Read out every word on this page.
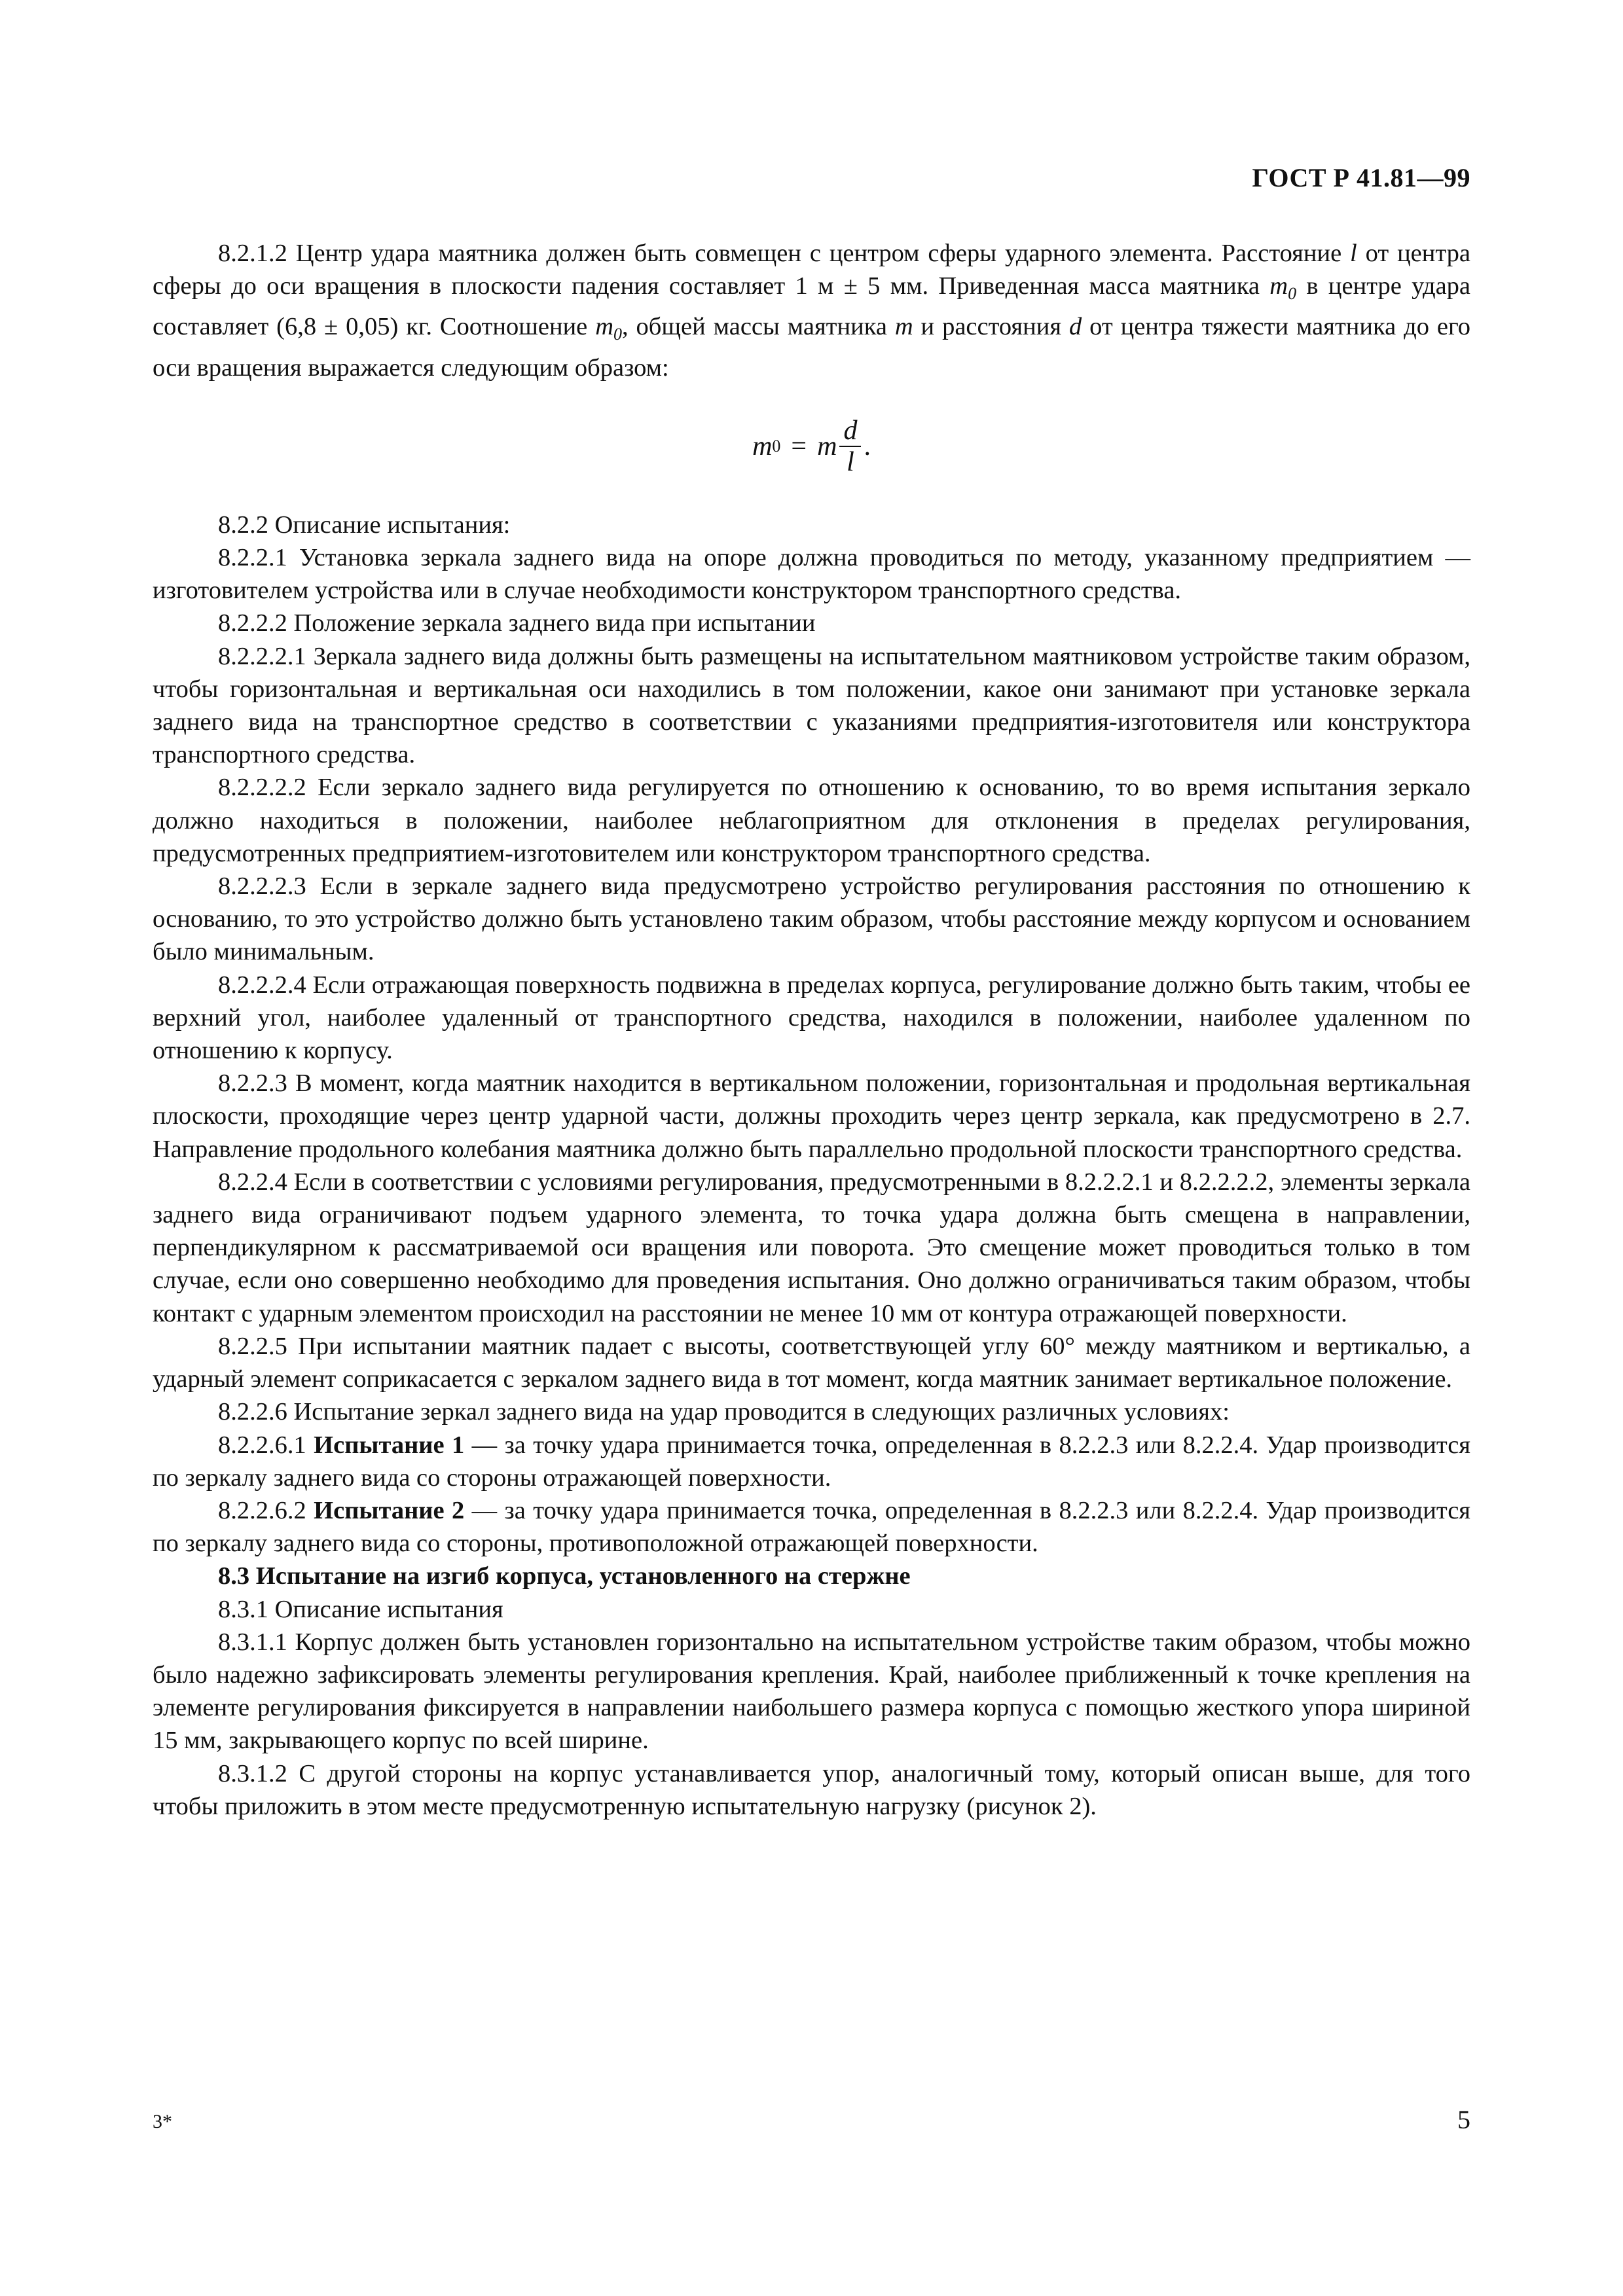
ГОСТ Р 41.81—99

8.2.1.2 Центр удара маятника должен быть совмещен с центром сферы ударного элемента. Расстояние l от центра сферы до оси вращения в плоскости падения составляет 1 м ± 5 мм. Приведенная масса маятника $m_0$ в центре удара составляет (6,8 ± 0,05) кг. Соотношение $m_0$, общей массы маятника m и расстояния d от центра тяжести маятника до его оси вращения выражается следующим образом:

m 0 = m $\frac{d}{l}$ .

8.2.2 Описание испытания:

8.2.2.1 Установка зеркала заднего вида на опоре должна проводиться по методу, указанному предприятием — изготовителем устройства или в случае необходимости конструктором транспортного средства.

8.2.2.2 Положение зеркала заднего вида при испытании

8.2.2.2.1 Зеркала заднего вида должны быть размещены на испытательном маятниковом устройстве таким образом, чтобы горизонтальная и вертикальная оси находились в том положении, какое они занимают при установке зеркала заднего вида на транспортное средство в соответствии с указаниями предприятия-изготовителя или конструктора транспортного средства.

8.2.2.2.2 Если зеркало заднего вида регулируется по отношению к основанию, то во время испытания зеркало должно находиться в положении, наиболее неблагоприятном для отклонения в пределах регулирования, предусмотренных предприятием-изготовителем или конструктором транспортного средства.

8.2.2.2.3 Если в зеркале заднего вида предусмотрено устройство регулирования расстояния по отношению к основанию, то это устройство должно быть установлено таким образом, чтобы расстояние между корпусом и основанием было минимальным.

8.2.2.2.4 Если отражающая поверхность подвижна в пределах корпуса, регулирование должно быть таким, чтобы ее верхний угол, наиболее удаленный от транспортного средства, находился в положении, наиболее удаленном по отношению к корпусу.

8.2.2.3 В момент, когда маятник находится в вертикальном положении, горизонтальная и продольная вертикальная плоскости, проходящие через центр ударной части, должны проходить через центр зеркала, как предусмотрено в 2.7. Направление продольного колебания маятника должно быть параллельно продольной плоскости транспортного средства.

8.2.2.4 Если в соответствии с условиями регулирования, предусмотренными в 8.2.2.2.1 и 8.2.2.2.2, элементы зеркала заднего вида ограничивают подъем ударного элемента, то точка удара должна быть смещена в направлении, перпендикулярном к рассматриваемой оси вращения или поворота. Это смещение может проводиться только в том случае, если оно совершенно необходимо для проведения испытания. Оно должно ограничиваться таким образом, чтобы контакт с ударным элементом происходил на расстоянии не менее 10 мм от контура отражающей поверхности.

8.2.2.5 При испытании маятник падает с высоты, соответствующей углу 60° между маятником и вертикалью, а ударный элемент соприкасается с зеркалом заднего вида в тот момент, когда маятник занимает вертикальное положение.

8.2.2.6 Испытание зеркал заднего вида на удар проводится в следующих различных условиях:

8.2.2.6.1 Испытание 1 — за точку удара принимается точка, определенная в 8.2.2.3 или 8.2.2.4. Удар производится по зеркалу заднего вида со стороны отражающей поверхности.

8.2.2.6.2 Испытание 2 — за точку удара принимается точка, определенная в 8.2.2.3 или 8.2.2.4. Удар производится по зеркалу заднего вида со стороны, противоположной отражающей поверхности.

8.3 Испытание на изгиб корпуса, установленного на стержне

8.3.1 Описание испытания

8.3.1.1 Корпус должен быть установлен горизонтально на испытательном устройстве таким образом, чтобы можно было надежно зафиксировать элементы регулирования крепления. Край, наиболее приближенный к точке крепления на элементе регулирования фиксируется в направлении наибольшего размера корпуса с помощью жесткого упора шириной 15 мм, закрывающего корпус по всей ширине.

8.3.1.2 С другой стороны на корпус устанавливается упор, аналогичный тому, который описан выше, для того чтобы приложить в этом месте предусмотренную испытательную нагрузку (рисунок 2).

3*	5
